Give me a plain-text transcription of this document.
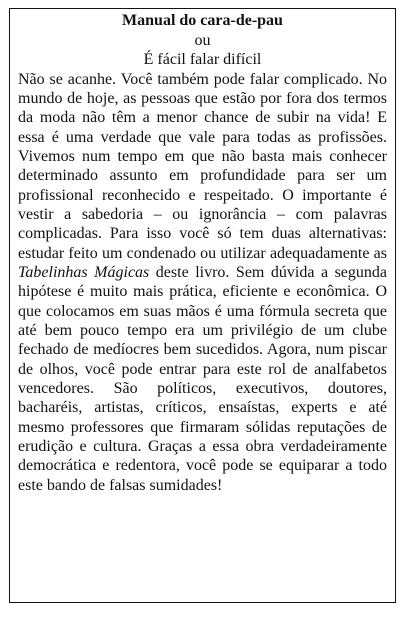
Manual do cara-de-pau
ou
É fácil falar difícil

Não se acanhe. Você também pode falar complicado. No mundo de hoje, as pessoas que estão por fora dos termos da moda não têm a menor chance de subir na vida! E essa é uma verdade que vale para todas as profissões. Vivemos num tempo em que não basta mais conhecer determinado assunto em profundidade para ser um profissional reconhecido e respeitado. O importante é vestir a sabedoria – ou ignorância – com palavras complicadas. Para isso você só tem duas alternativas: estudar feito um condenado ou utilizar adequadamente as Tabelinhas Mágicas deste livro. Sem dúvida a segunda hipótese é muito mais prática, eficiente e econômica. O que colocamos em suas mãos é uma fórmula secreta que até bem pouco tempo era um privilégio de um clube fechado de medíocres bem sucedidos. Agora, num piscar de olhos, você pode entrar para este rol de analfabetos vencedores. São políticos, executivos, doutores, bacharéis, artistas, críticos, ensaístas, experts e até mesmo professores que firmaram sólidas reputações de erudição e cultura. Graças a essa obra verdadeiramente democrática e redentora, você pode se equiparar a todo este bando de falsas sumidades!
